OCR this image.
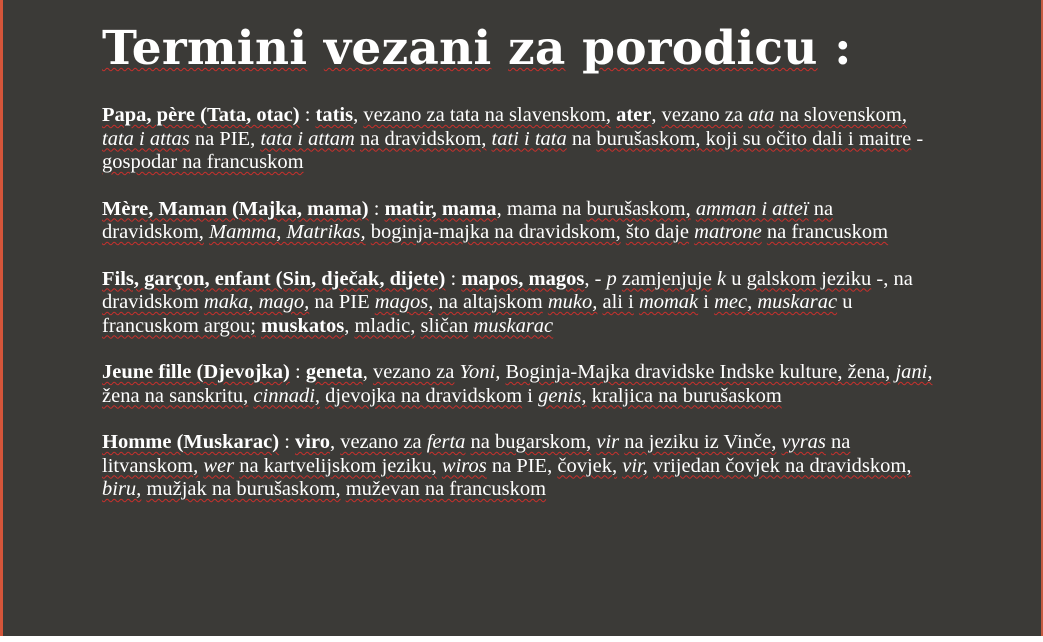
Termini vezani za porodicu :

Papa, père (Tata, otac) : tatis, vezano za tata na slavenskom, ater, vezano za ata na slovenskom, tata i attas na PIE, tata i attam na dravidskom, tati i tata na burušaskom, koji su očito dali i maitre - gospodar na francuskom

Mère, Maman (Majka, mama) : matir, mama, mama na burušaskom, amman i atteï na dravidskom, Mamma, Matrikas, boginja-majka na dravidskom, što daje matrone na francuskom

Fils, garçon, enfant (Sin, dječak, dijete) : mapos, magos, - p zamjenjuje k u galskom jeziku -, na dravidskom maka, mago, na PIE magos, na altajskom muko, ali i momak i mec, muskarac u francuskom argou; muskatos, mladic, sličan muskarac

Jeune fille (Djevojka) : geneta, vezano za Yoni, Boginja-Majka dravidske Indske kulture, žena, jani, žena na sanskritu, cinnadi, djevojka na dravidskom i genis, kraljica na burušaskom

Homme (Muskarac) : viro, vezano za ferta na bugarskom, vir na jeziku iz Vinče, vyras na litvanskom, wer na kartvelijskom jeziku, wiros na PIE, čovjek, vir, vrijedan čovjek na dravidskom, biru, mužjak na burušaskom, muževan na francuskom
